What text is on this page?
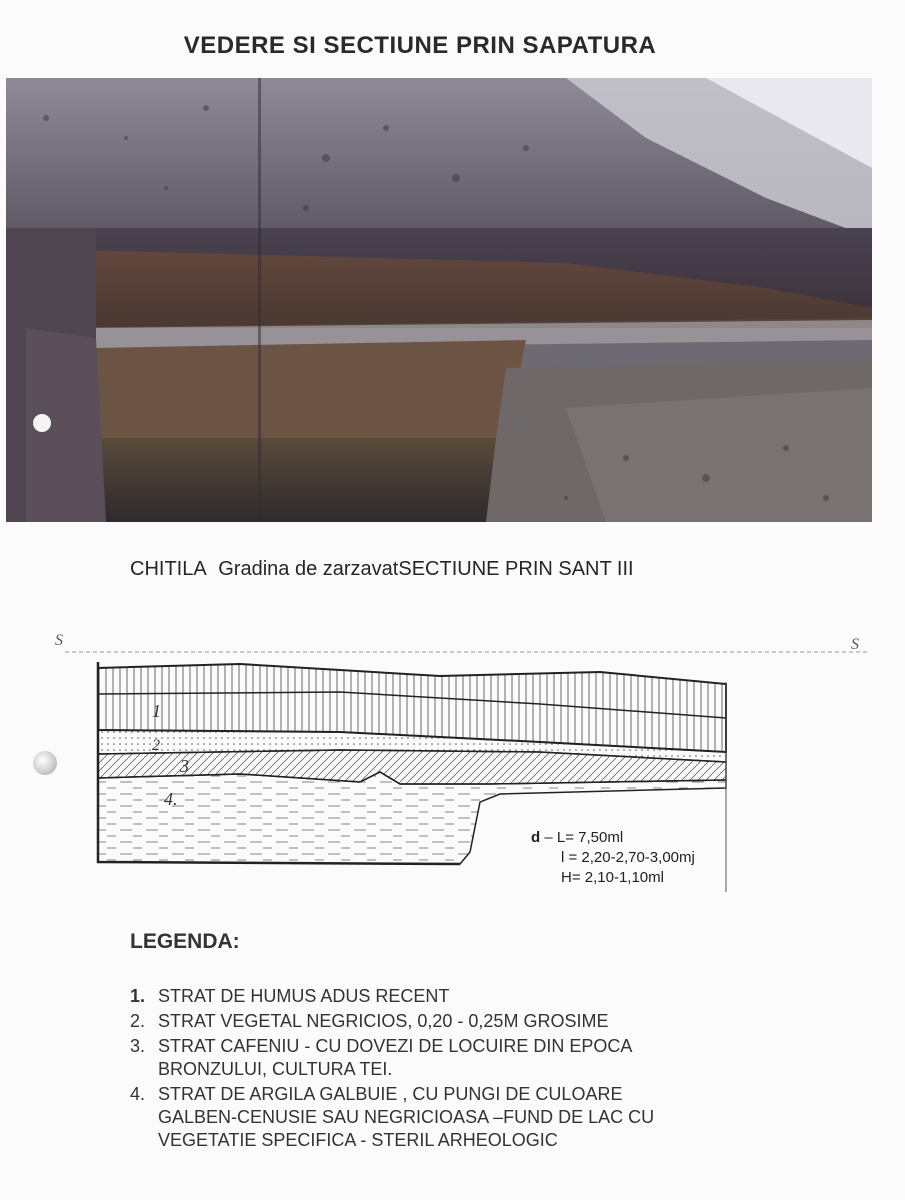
VEDERE SI SECTIUNE PRIN SAPATURA
CHITILA Gradina de zarzavatSECTIUNE PRIN SANT III
S	S
1
2
3
4.
d – L= 7,50ml
l = 2,20-2,70-3,00mj
H= 2,10-1,10ml
LEGENDA:
1. STRAT DE HUMUS ADUS RECENT
2. STRAT VEGETAL NEGRICIOS, 0,20 - 0,25M GROSIME
3. STRAT CAFENIU - CU DOVEZI DE LOCUIRE DIN EPOCA
BRONZULUI, CULTURA TEI.
4. STRAT DE ARGILA GALBUIE , CU PUNGI DE CULOARE
GALBEN-CENUSIE SAU NEGRICIOASA –FUND DE LAC CU
VEGETATIE SPECIFICA - STERIL ARHEOLOGIC
